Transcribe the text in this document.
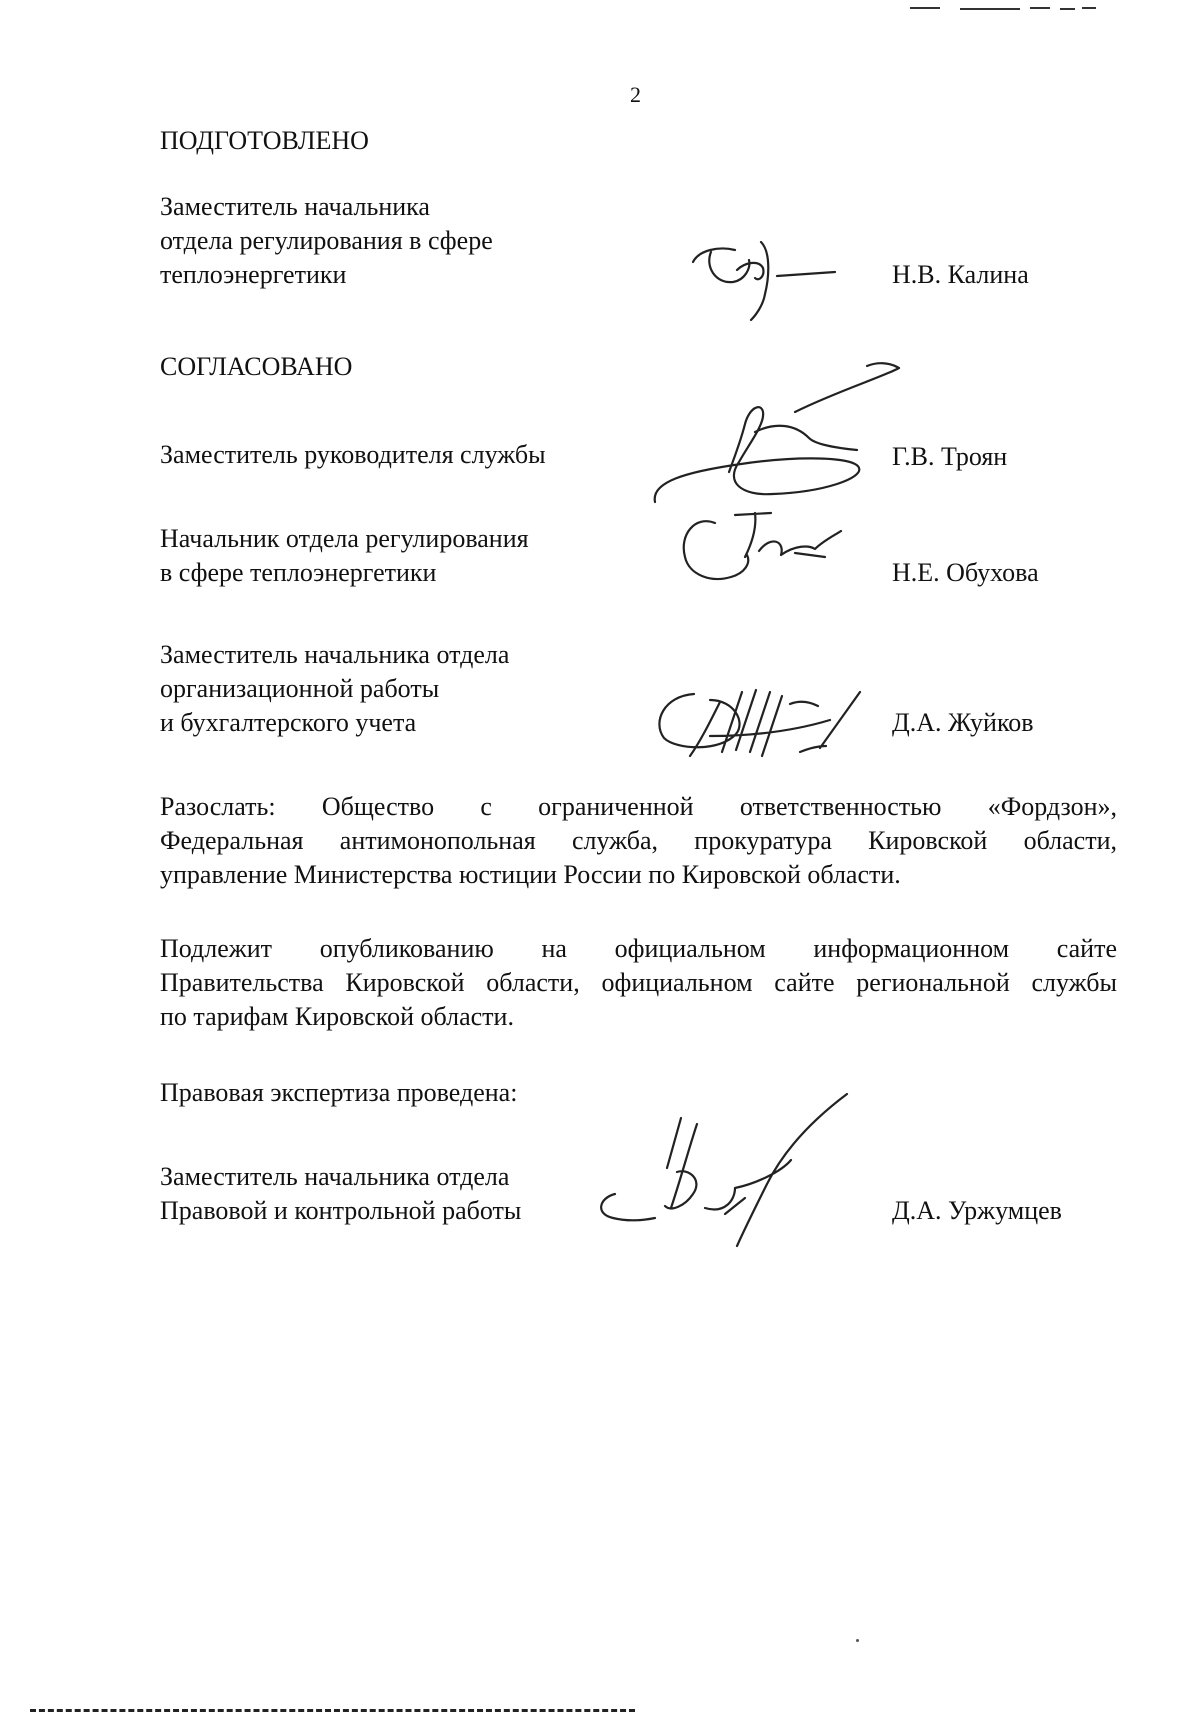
2
ПОДГОТОВЛЕНО
Заместитель начальника
отдела регулирования в сфере
теплоэнергетики	Н.В. Калина
СОГЛАСОВАНО
Заместитель руководителя службы	Г.В. Троян
Начальник отдела регулирования
в сфере теплоэнергетики	Н.Е. Обухова
Заместитель начальника отдела
организационной работы
и бухгалтерского учета	Д.А. Жуйков
Разослать: Общество с ограниченной ответственностью «Фордзон»,
Федеральная антимонопольная служба, прокуратура Кировской области,
управление Министерства юстиции России по Кировской области.
Подлежит опубликованию на официальном информационном сайте
Правительства Кировской области, официальном сайте региональной службы
по тарифам Кировской области.
Правовая экспертиза проведена:
Заместитель начальника отдела
Правовой и контрольной работы	Д.А. Уржумцев
